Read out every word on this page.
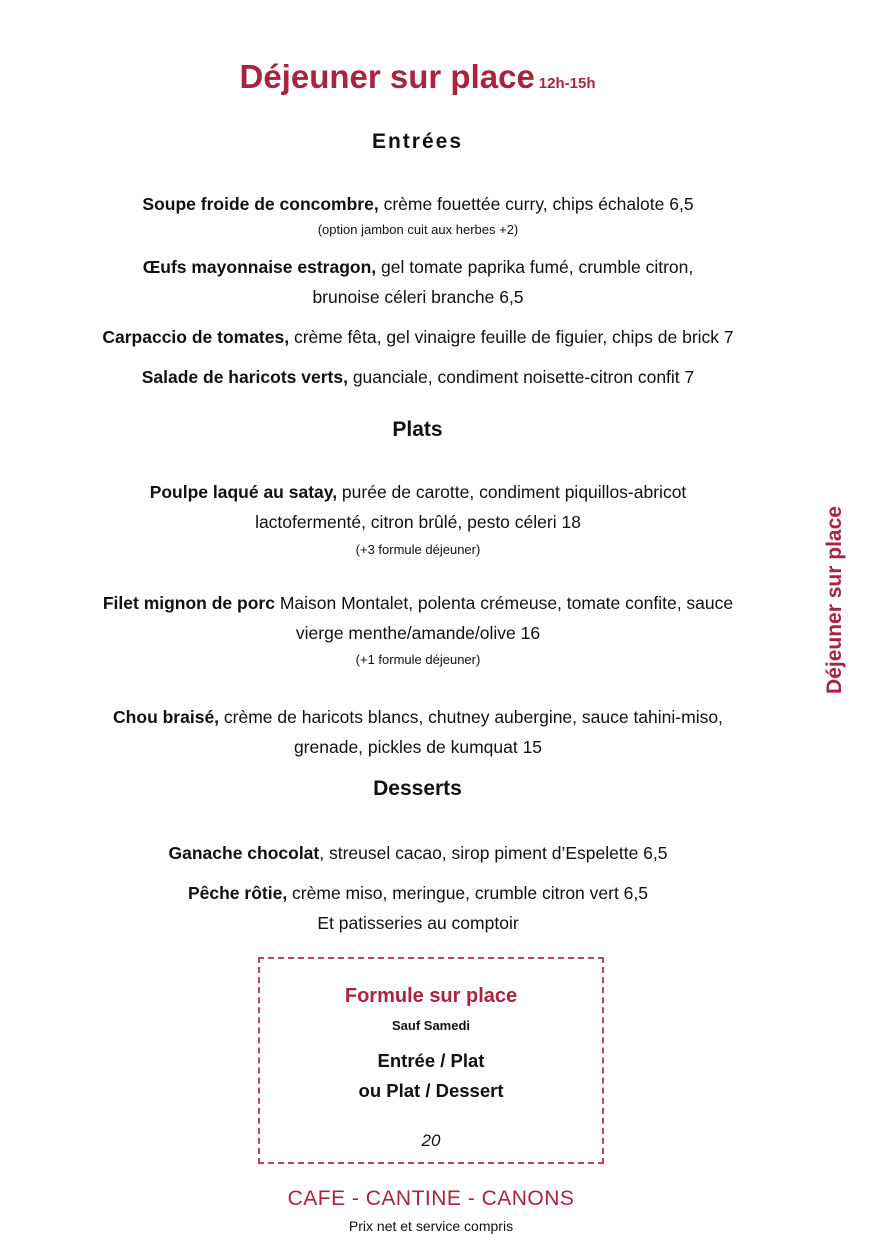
Déjeuner sur place 12h-15h
Entrées
Soupe froide de concombre, crème fouettée curry, chips échalote 6,5
(option jambon cuit aux herbes +2)
Œufs mayonnaise estragon, gel tomate paprika fumé, crumble citron,
brunoise céleri branche 6,5
Carpaccio de tomates, crème fêta, gel vinaigre feuille de figuier, chips de brick 7
Salade de haricots verts, guanciale, condiment noisette-citron confit 7
Plats
Poulpe laqué au satay, purée de carotte, condiment piquillos-abricot
lactofermenté, citron brûlé, pesto céleri 18
(+3 formule déjeuner)
Filet mignon de porc Maison Montalet, polenta crémeuse, tomate confite, sauce
vierge menthe/amande/olive 16
(+1 formule déjeuner)
Chou braisé, crème de haricots blancs, chutney aubergine, sauce tahini-miso,
grenade, pickles de kumquat 15
Desserts
Ganache chocolat, streusel cacao, sirop piment d’Espelette 6,5
Pêche rôtie, crème miso, meringue, crumble citron vert 6,5
Et patisseries au comptoir
Déjeuner sur place
Formule sur place
Sauf Samedi
Entrée / Plat
ou Plat / Dessert
20
CAFE - CANTINE - CANONS
Prix net et service compris
